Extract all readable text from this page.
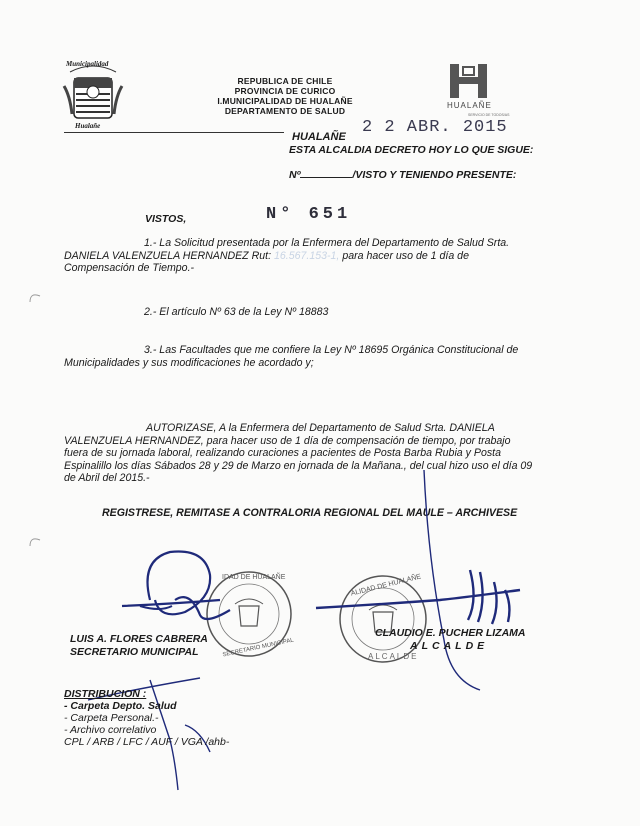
Municipalidad
Hualañe
REPUBLICA DE CHILE
PROVINCIA DE CURICO
I.MUNICIPALIDAD DE HUALAÑE
DEPARTAMENTO DE SALUD
HUALAÑE
SERVICIO DE TODOS/AS
HUALAÑE 2 2 ABR. 2015
ESTA ALCALDIA DECRETO HOY LO QUE SIGUE:
Nº	/VISTO Y TENIENDO PRESENTE:
VISTOS,	N° 651
1.- La Solicitud presentada por la Enfermera del Departamento de Salud Srta.
DANIELA VALENZUELA HERNANDEZ Rut: 16.567.153-1, para hacer uso de 1 día de
Compensación de Tiempo.-
2.- El artículo Nº 63 de la Ley Nº 18883
3.- Las Facultades que me confiere la Ley Nº 18695 Orgánica Constitucional de
Municipalidades y sus modificaciones he acordado y;
AUTORIZASE, A la Enfermera del Departamento de Salud Srta. DANIELA
VALENZUELA HERNANDEZ, para hacer uso de 1 día de compensación de tiempo, por trabajo
fuera de su jornada laboral, realizando curaciones a pacientes de Posta Barba Rubia y Posta
Espinalillo los días Sábados 28 y 29 de Marzo en jornada de la Mañana., del cual hizo uso el día 09
de Abril del 2015.-
REGISTRESE, REMITASE A CONTRALORIA REGIONAL DEL MAULE – ARCHIVESE
IDAD DE HUALAÑE
SECRETARIO MUNICIPAL
ALIDAD DE HUALAÑE
ALCALDE
LUIS A. FLORES CABRERA
SECRETARIO MUNICIPAL
CLAUDIO E. PUCHER LIZAMA
ALCALDE
DISTRIBUCION :
- Carpeta Depto. Salud
- Carpeta Personal.-
- Archivo correlativo
CPL / ARB / LFC / AUF / VGA /ahb-
